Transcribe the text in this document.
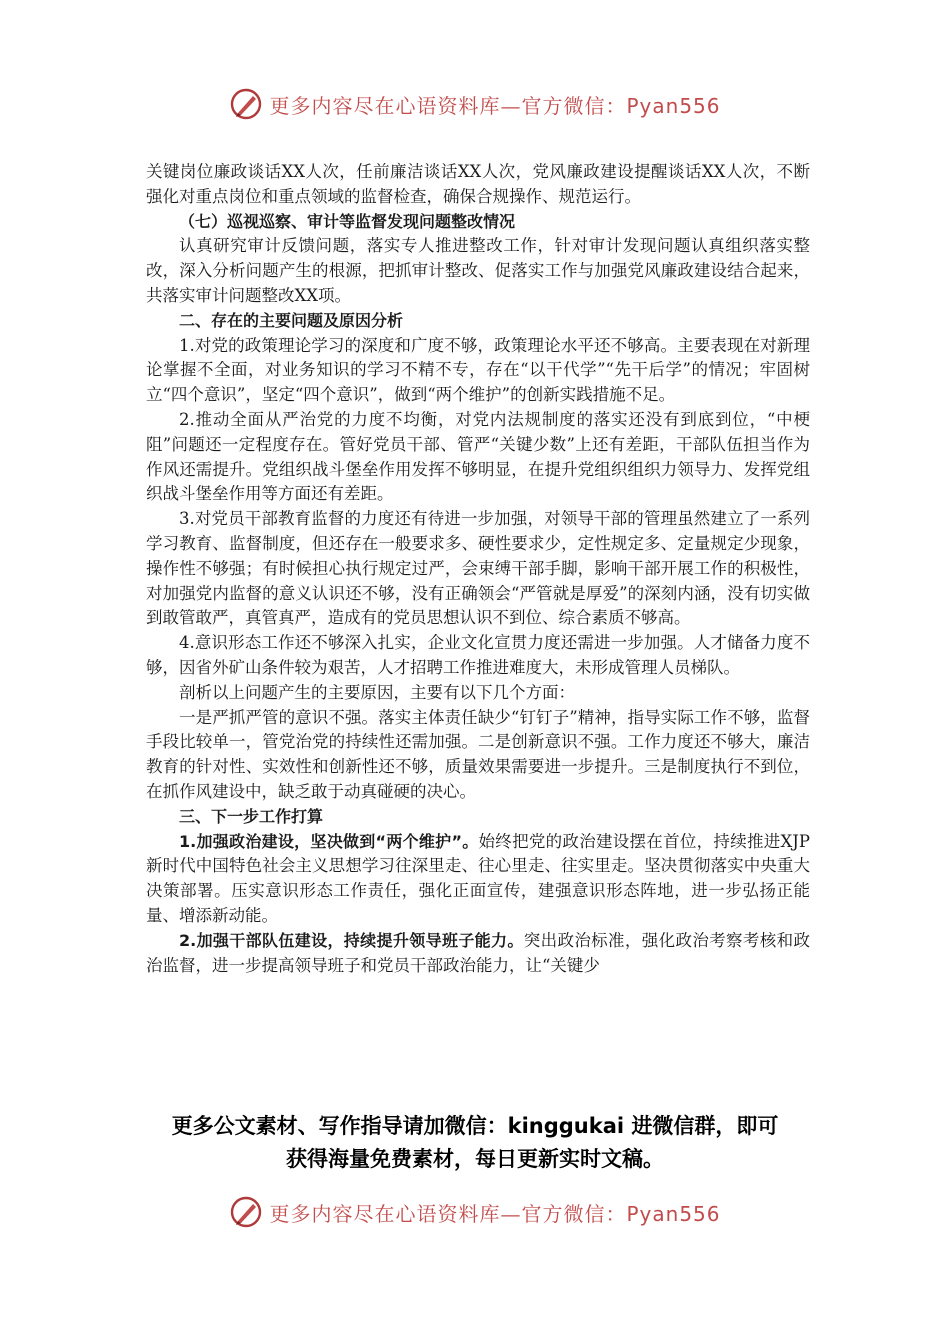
更多内容尽在心语资料库—官方微信：Pyan556

关键岗位廉政谈话XX人次，任前廉洁谈话XX人次，党风廉政建设提醒谈话XX人次，不断强化对重点岗位和重点领域的监督检查，确保合规操作、规范运行。

（七）巡视巡察、审计等监督发现问题整改情况

认真研究审计反馈问题，落实专人推进整改工作，针对审计发现问题认真组织落实整改，深入分析问题产生的根源，把抓审计整改、促落实工作与加强党风廉政建设结合起来，共落实审计问题整改XX项。

二、存在的主要问题及原因分析

1.对党的政策理论学习的深度和广度不够，政策理论水平还不够高。主要表现在对新理论掌握不全面，对业务知识的学习不精不专，存在“以干代学”“先干后学”的情况；牢固树立“四个意识”，坚定“四个意识”，做到“两个维护”的创新实践措施不足。

2.推动全面从严治党的力度不均衡，对党内法规制度的落实还没有到底到位，“中梗阻”问题还一定程度存在。管好党员干部、管严“关键少数”上还有差距，干部队伍担当作为作风还需提升。党组织战斗堡垒作用发挥不够明显，在提升党组织组织力领导力、发挥党组织战斗堡垒作用等方面还有差距。

3.对党员干部教育监督的力度还有待进一步加强，对领导干部的管理虽然建立了一系列学习教育、监督制度，但还存在一般要求多、硬性要求少，定性规定多、定量规定少现象，操作性不够强；有时候担心执行规定过严，会束缚干部手脚，影响干部开展工作的积极性，对加强党内监督的意义认识还不够，没有正确领会“严管就是厚爱”的深刻内涵，没有切实做到敢管敢严，真管真严，造成有的党员思想认识不到位、综合素质不够高。

4.意识形态工作还不够深入扎实，企业文化宣贯力度还需进一步加强。人才储备力度不够，因省外矿山条件较为艰苦，人才招聘工作推进难度大，未形成管理人员梯队。

剖析以上问题产生的主要原因，主要有以下几个方面：

一是严抓严管的意识不强。落实主体责任缺少“钉钉子”精神，指导实际工作不够，监督手段比较单一，管党治党的持续性还需加强。二是创新意识不强。工作力度还不够大，廉洁教育的针对性、实效性和创新性还不够，质量效果需要进一步提升。三是制度执行不到位，在抓作风建设中，缺乏敢于动真碰硬的决心。

三、下一步工作打算

1.加强政治建设，坚决做到“两个维护”。始终把党的政治建设摆在首位，持续推进XJP新时代中国特色社会主义思想学习往深里走、往心里走、往实里走。坚决贯彻落实中央重大决策部署。压实意识形态工作责任，强化正面宣传，建强意识形态阵地，进一步弘扬正能量、增添新动能。

2.加强干部队伍建设，持续提升领导班子能力。突出政治标准，强化政治考察考核和政治监督，进一步提高领导班子和党员干部政治能力，让“关键少

更多公文素材、写作指导请加微信：kinggukai 进微信群，即可
获得海量免费素材，每日更新实时文稿。
更多内容尽在心语资料库—官方微信：Pyan556
